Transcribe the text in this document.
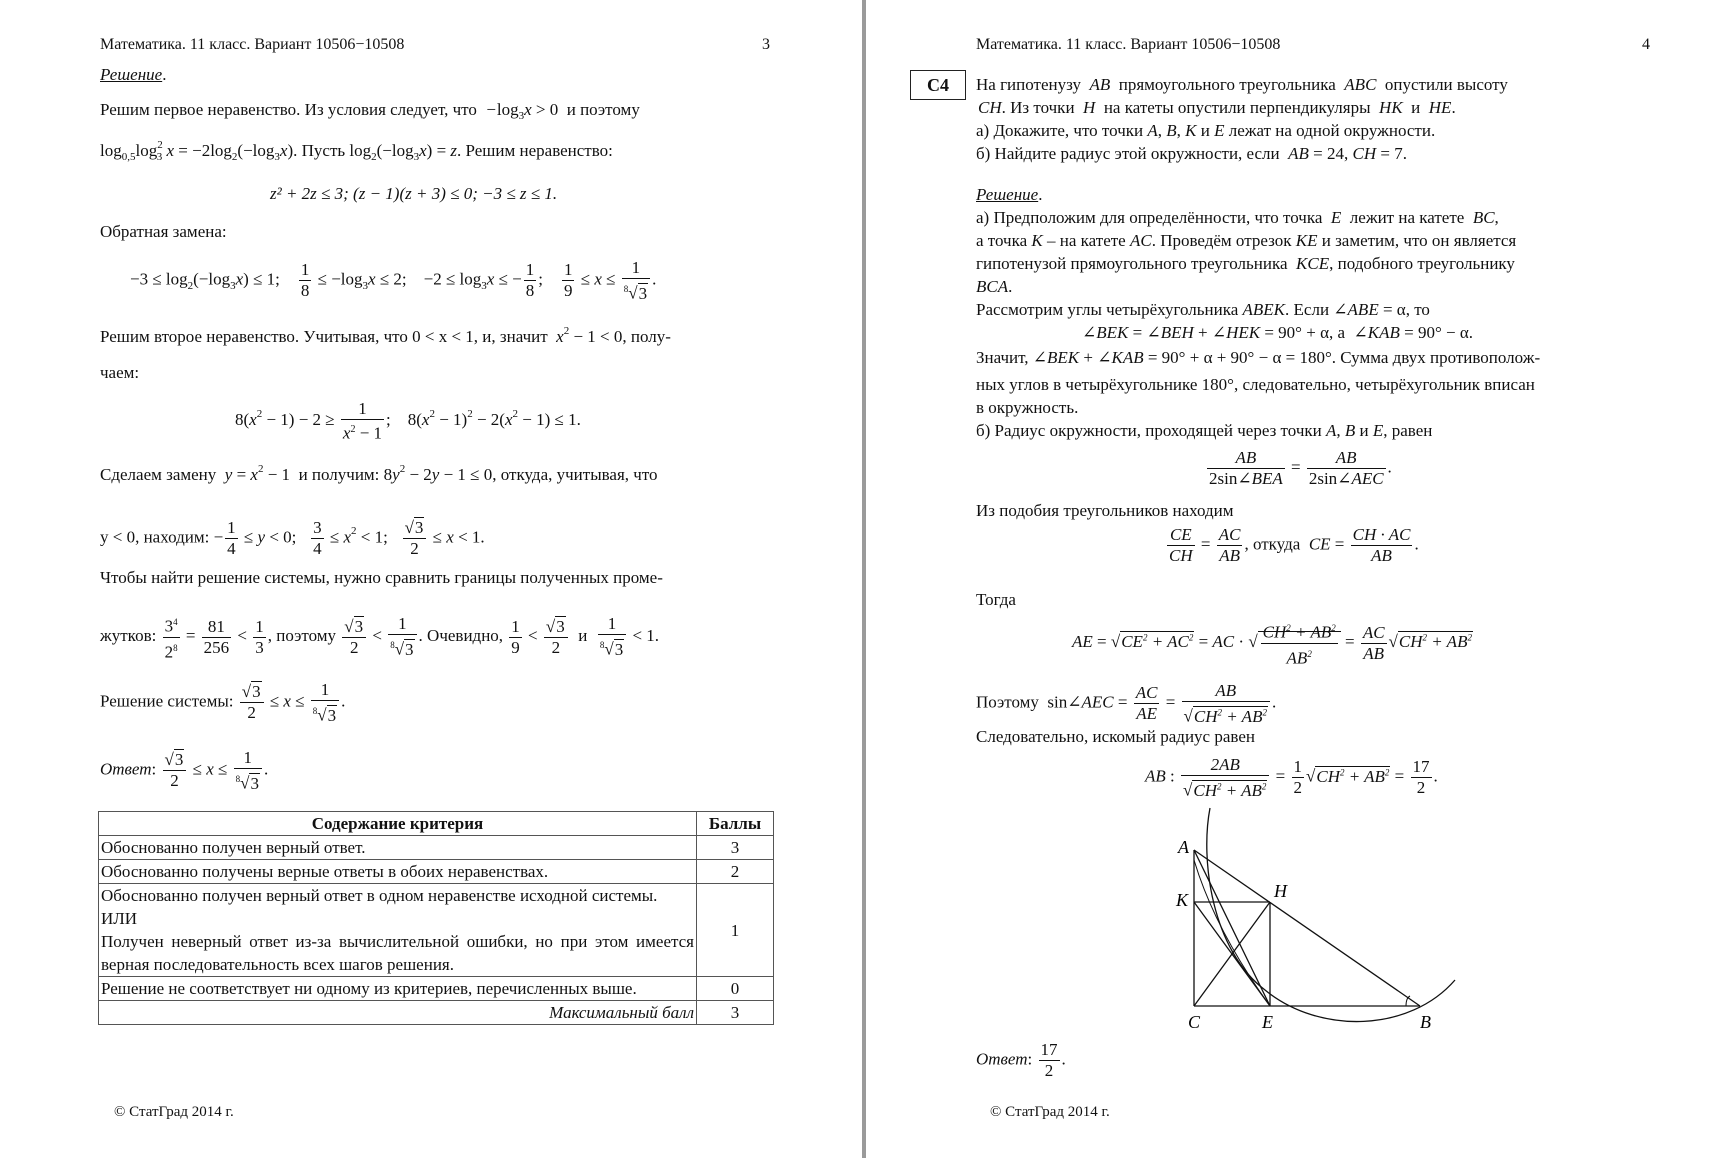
Математика. 11 класс. Вариант 10506−10508	3
Решение.
Решим первое неравенство. Из условия следует, что $-\log_3x > 0$  и поэтому
$\log_{0,5}\log^2_3$ $x = -2\log_2(-\log_3x)$. Пусть $\log_2(-\log_3x) = z$. Решим неравенство:
z² + 2z ≤ 3; (z − 1)(z + 3) ≤ 0; −3 ≤ z ≤ 1.
Обратная замена:
$-3 \le \log_2(-\log_3x) \le 1$; $\frac{1}{8} \le -\log_3x \le 2$;    $-2 \le \log_3x$ ≤ − $\frac{1}{8}$ ; $\frac{1}{9} \le x \le \frac{1}{^8√3}$ .
Решим второе неравенство. Учитывая, что 0 < x < 1, и, значит $x^2 - 1 < 0$, полу-
чаем:
$8(x^2 - 1) - 2 \ge \frac{1}{x^2 - 1}$ ;    $8(x^2 - 1)^2 - 2(x^2 - 1) \le 1$.
Сделаем замену $y = x^2 - 1$  и получим: $8y^2 - 2y - 1 \le 0$, откуда, учитывая, что
y < 0, находим: − $\frac{1}{4} \le y < 0$; $\frac{3}{4} \le x^2 < 1$; $\frac{√3}{2} \le x < 1$.
Чтобы найти решение системы, нужно сравнить границы полученных проме-
жутков: $\frac{3^4}{2^8} = \frac{81}{256} < \frac{1}{3}$ , поэтому $\frac{√3}{2} < \frac{1}{^8√3}$ . Очевидно, $\frac{1}{9} < \frac{√3}{2}$ и $\frac{1}{^8√3} < 1$.
Решение системы: $\frac{√3}{2} \le x \le \frac{1}{^8√3}$ .
Ответ: $\frac{√3}{2} \le x \le \frac{1}{^8√3}$ .
Содержание критерия	Баллы
Обоснованно получен верный ответ.	3
Обоснованно получены верные ответы в обоих неравенствах.	2

Обоснованно получен верный ответ в одном неравенстве исходной системы.
ИЛИ
Получен неверный ответ из-за вычислительной ошибки, но при этом имеется верная последовательность всех шагов решения.	1
Решение не соответствует ни одному из критериев, перечисленных выше.	0
Максимальный балл	3
© СтатГрад 2014 г.
Математика. 11 класс. Вариант 10506−10508	4
С4	На гипотенузу AB прямоугольного треугольника ABC опустили высоту
CH. Из точки H на катеты опустили перпендикуляры HK и HE.
а) Докажите, что точки A, B, K и E лежат на одной окружности.
б) Найдите радиус этой окружности, если AB = 24, CH = 7.
Решение.
а) Предположим для определённости, что точка E лежит на катете BC,
а точка K – на катете AC. Проведём отрезок KE и заметим, что он является
гипотенузой прямоугольного треугольника KCE, подобного треугольнику
BCA.
Рассмотрим углы четырёхугольника ABEK. Если ∠ABE = α, то
∠BEK = ∠BEH + ∠HEK = 90° + α, а  ∠KAB = 90° − α.
Значит, ∠BEK + ∠KAB = 90° + α + 90° − α = 180°. Сумма двух противополож-
ных углов в четырёхугольнике 180°, следовательно, четырёхугольник вписан
в окружность.
б) Радиус окружности, проходящей через точки A, B и E, равен
$\frac{AB}{\text{2sin∠BEA}} = \frac{AB}{\text{2sin∠AEC}}$ .
Из подобия треугольников находим
$\frac{CE}{CH} = \frac{AC}{AB}$ , откуда CE = $\frac{CH \cdot AC}{AB}$ .
Тогда
AE = $√CE^2 + AC^2$ = AC · √ $\frac{CH^2 + AB^2}{AB^2} = \frac{AC}{AB} √CH^2 + AB^2$
Поэтому  sin∠AEC = $\frac{AC}{AE} = \frac{AB}{√CH^2 + AB^2}$ .
Следовательно, искомый радиус равен
AB : $\frac{2AB}{√CH^2 + AB^2} = \frac{1}{2} √CH^2 + AB^2 = \frac{17}{2}$ .
A
B
C	E
K	H
Ответ: $\frac{17}{2}$ .
© СтатГрад 2014 г.
